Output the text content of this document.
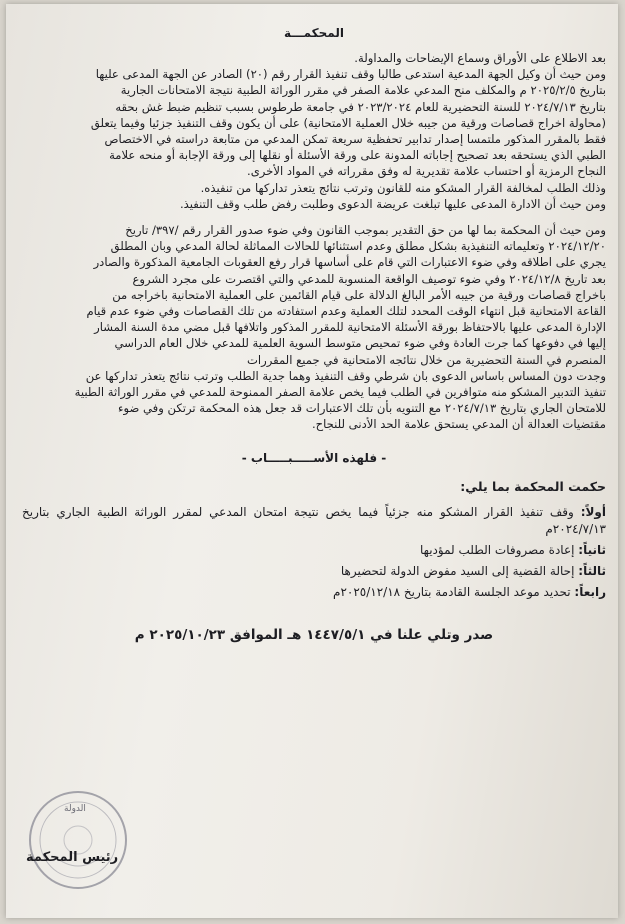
المحكمـــة

بعد الاطلاع على الأوراق وسماع الإيضاحات والمداولة.

ومن حيث أن وكيل الجهة المدعية استدعى طالبا وقف تنفيذ القرار رقم (٢٠) الصادر عن الجهة المدعى عليها

بتاريخ ٢٠٢٥/٢/٥ م والمكلف منح المدعي علامة الصفر في مقرر الوراثة الطبية نتيجة الامتحانات الجارية

بتاريخ ٢٠٢٤/٧/١٣ للسنة التحضيرية للعام ٢٠٢٣/٢٠٢٤ في جامعة طرطوس بسبب تنظيم ضبط غش بحقه

(محاولة اخراج قصاصات ورقية من جيبه خلال العملية الامتحانية) على أن يكون وقف التنفيذ جزئيا وفيما يتعلق

فقط بالمقرر المذكور ملتمسا إصدار تدابير تحفظية سريعة تمكن المدعي من متابعة دراسته في الاختصاص

الطبي الذي يستحقه بعد تصحيح إجاباته المدونة على ورقة الأسئلة أو نقلها إلى ورقة الإجابة أو منحه علامة

النجاح الرمزية أو احتساب علامة تقديرية له وفق مقرراته في المواد الأخرى.

وذلك الطلب لمخالفة القرار المشكو منه للقانون وترتب نتائج يتعذر تداركها من تنفيذه.

ومن حيث أن الادارة المدعى عليها تبلغت عريضة الدعوى وطلبت رفض طلب وقف التنفيذ.

ومن حيث أن المحكمة بما لها من حق التقدير بموجب القانون وفي ضوء صدور القرار رقم /٣٩٧/ تاريخ

٢٠٢٤/١٢/٢٠ وتعليماته التنفيذية بشكل مطلق وعدم استثنائها للحالات المماثلة لحالة المدعي وبان المطلق

يجري على اطلاقه وفي ضوء الاعتبارات التي قام على أساسها قرار رفع العقوبات الجامعية المذكورة والصادر

بعد تاريخ ٢٠٢٤/١٢/٨ وفي ضوء توصيف الواقعة المنسوبة للمدعي والتي اقتصرت على مجرد الشروع

باخراج قصاصات ورقية من جيبه الأمر البالغ الدلالة على قيام القائمين على العملية الامتحانية باخراجه من

القاعة الامتحانية قبل انتهاء الوقت المحدد لتلك العملية وعدم استفادته من تلك القصاصات وفي ضوء عدم قيام

الإدارة المدعى عليها بالاحتفاظ بورقة الأسئلة الامتحانية للمقرر المذكور واتلافها قبل مضي مدة السنة المشار

إليها في دفوعها كما جرت العادة وفي ضوء تمحيص متوسط السوية العلمية للمدعي خلال العام الدراسي

المنصرم في السنة التحضيرية من خلال نتائجه الامتحانية في جميع المقررات

وجدت دون المساس باساس الدعوى بان شرطي وقف التنفيذ وهما جدية الطلب وترتب نتائج يتعذر تداركها عن

تنفيذ التدبير المشكو منه متوافرين في الطلب فيما يخص علامة الصفر الممنوحة للمدعي في مقرر الوراثة الطبية

للامتحان الجاري بتاريخ ٢٠٢٤/٧/١٣ مع التنويه بأن تلك الاعتبارات قد جعل هذه المحكمة ترتكن وفي ضوء

مقتضيات العدالة أن المدعي يستحق علامة الحد الأدنى للنجاح.

- فلهذه الأســـــبـــــاب -
حكمت المحكمة بما يلي:
أولاً: وقف تنفيذ القرار المشكو منه جزئياً فيما يخص نتيجة امتحان المدعي لمقرر الوراثة الطبية الجاري بتاريخ ٢٠٢٤/٧/١٣م
ثانياً: إعادة مصروفات الطلب لمؤديها
ثالثاً: إحالة القضية إلى السيد مفوض الدولة لتحضيرها
رابعاً: تحديد موعد الجلسة القادمة بتاريخ ٢٠٢٥/١٢/١٨م
صدر وتلي علنا في ١٤٤٧/٥/١ هـ الموافق ٢٠٢٥/١٠/٢٣ م
الدولة
رئيس المحكمة
